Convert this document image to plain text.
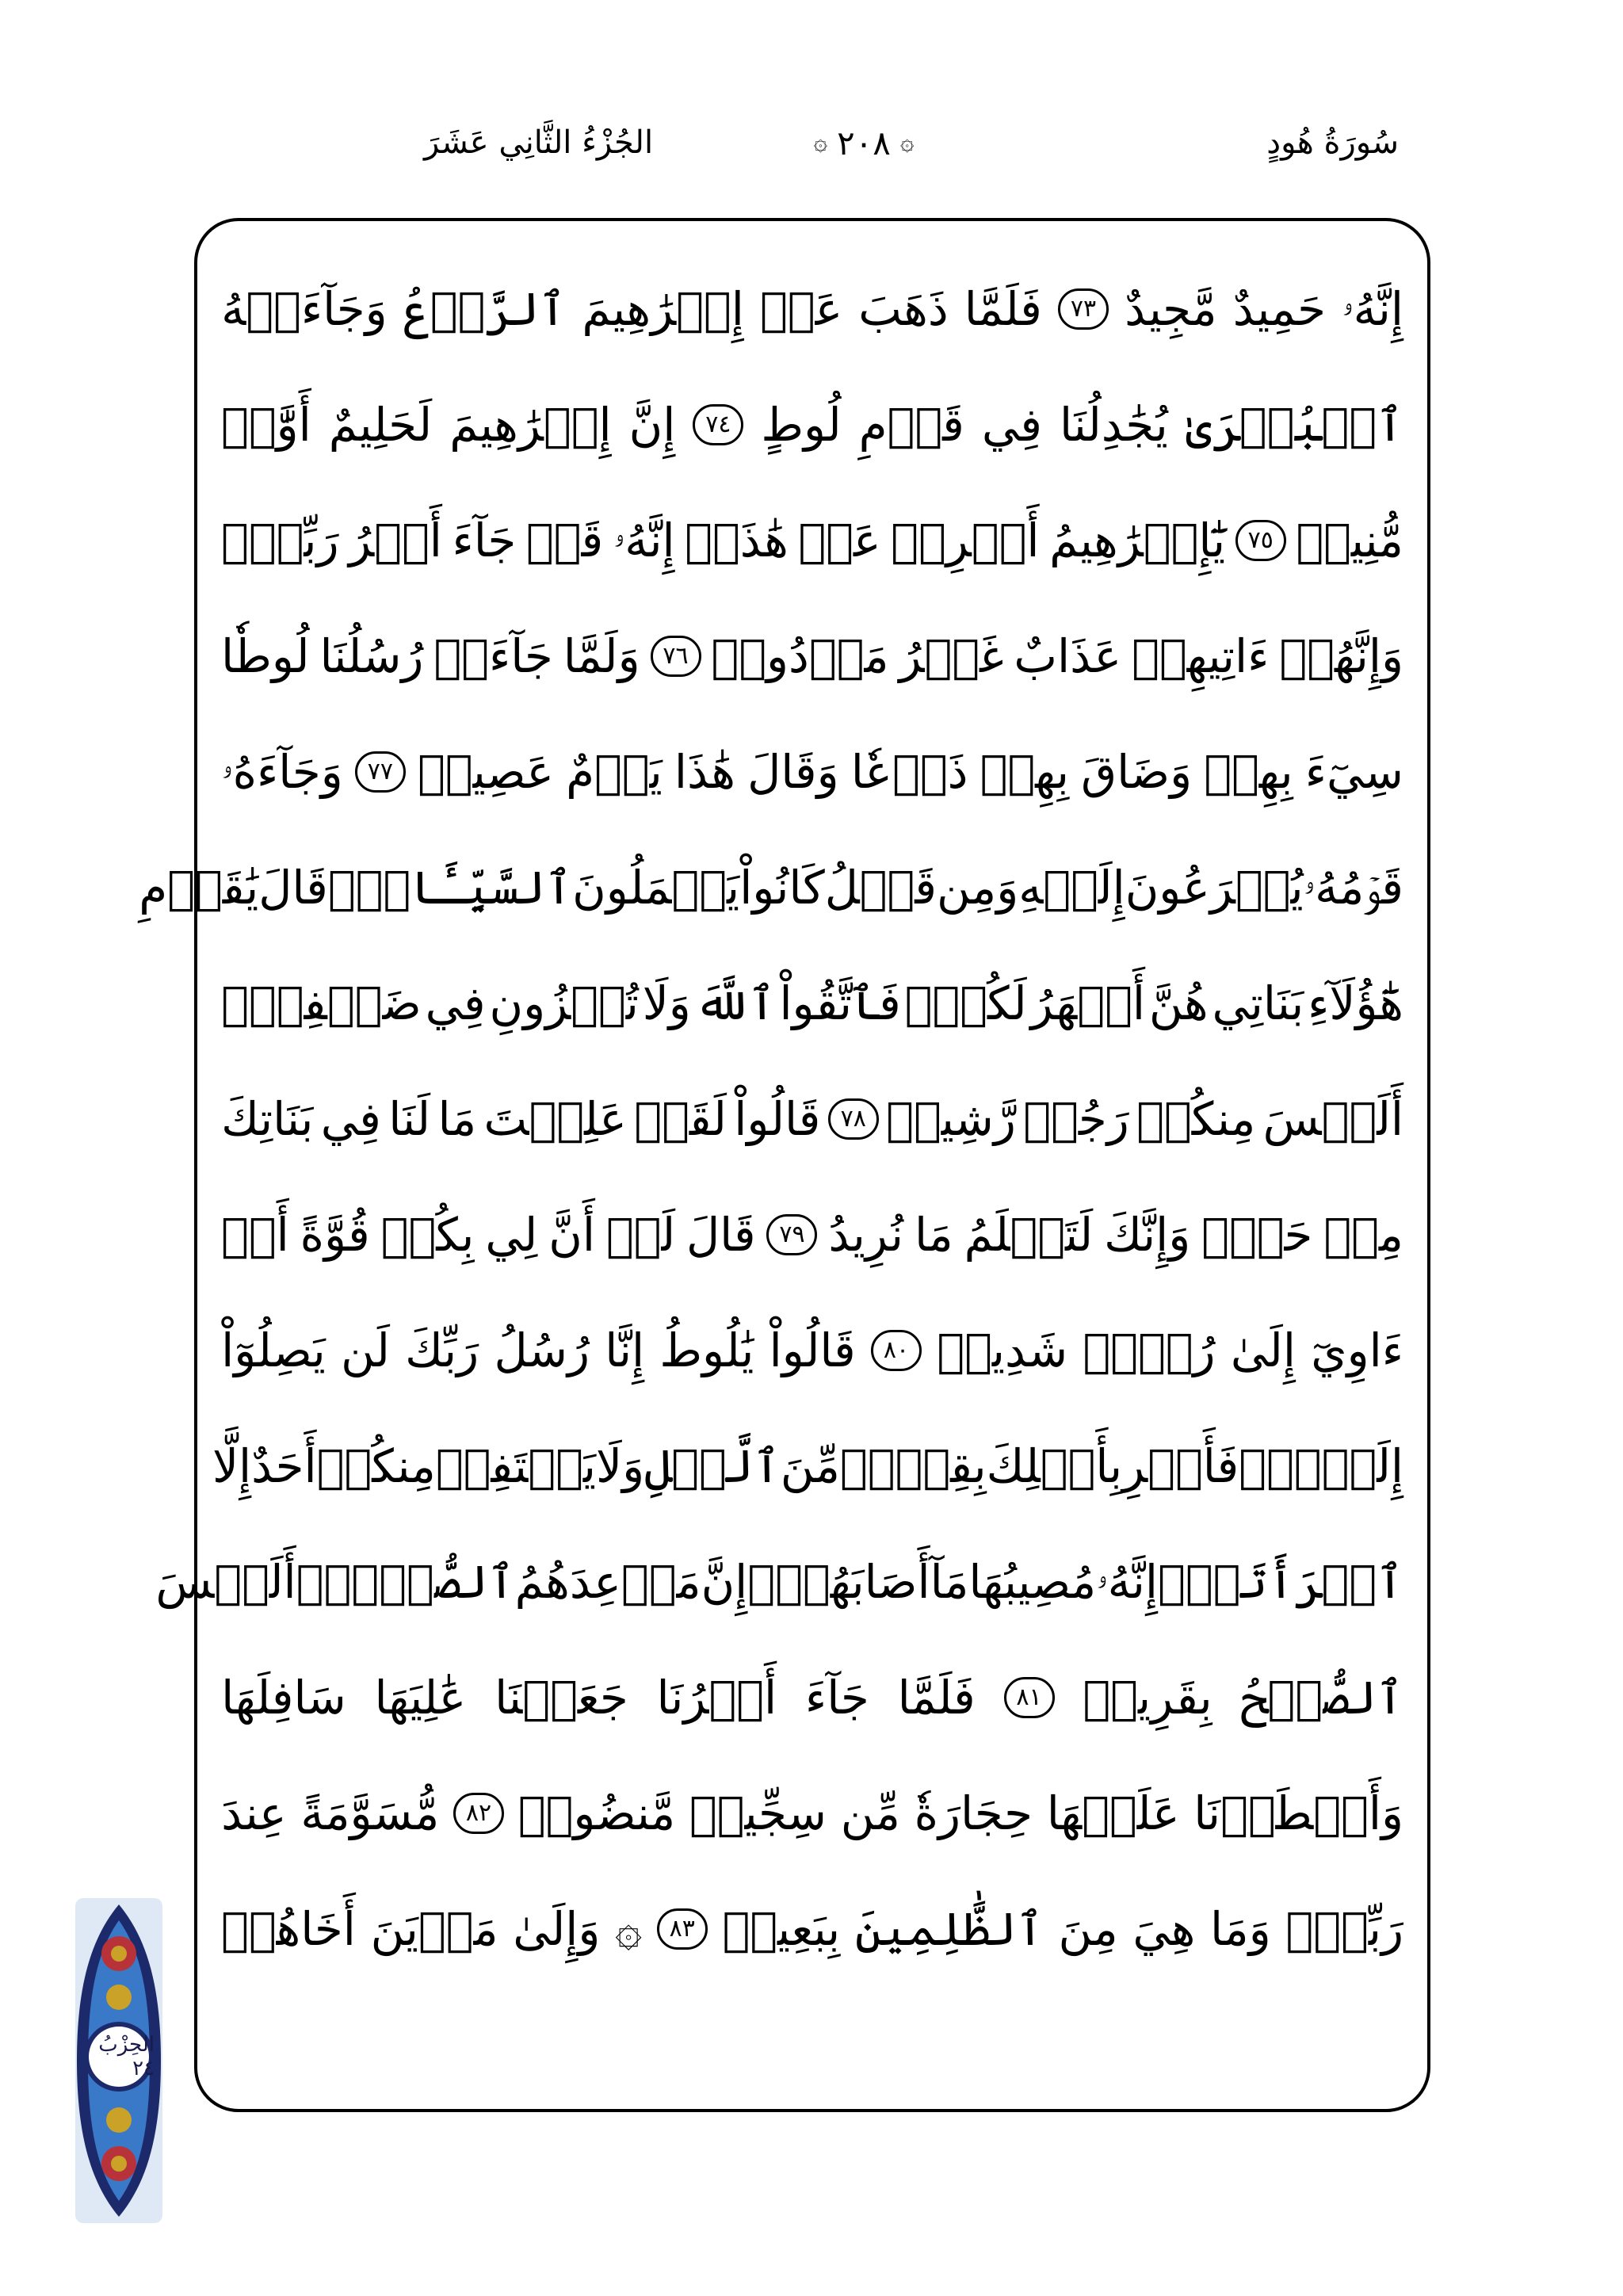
سُورَةُ هُودٍ
۞ ٢٠٨ ۞
الجُزْءُ الثَّانِي عَشَرَ
إِنَّهُۥ
حَمِيدٌ
مَّجِيدٌ
٧٣
فَلَمَّا
ذَهَبَ
عَنۡ
إِبۡرَٰهِيمَ
ٱلرَّوۡعُ
وَجَآءَتۡهُ
ٱلۡبُشۡرَىٰ
يُجَٰدِلُنَا
فِي
قَوۡمِ
لُوطٍ
٧٤
إِنَّ
إِبۡرَٰهِيمَ
لَحَلِيمٌ
أَوَّٰهٞ
مُّنِيبٞ
٧٥
يَٰٓإِبۡرَٰهِيمُ
أَعۡرِضۡ
عَنۡ
هَٰذَآۖ
إِنَّهُۥ
قَدۡ
جَآءَ
أَمۡرُ
رَبِّكَۖ
وَإِنَّهُمۡ
ءَاتِيهِمۡ
عَذَابٌ
غَيۡرُ
مَرۡدُودٖ
٧٦
وَلَمَّا
جَآءَتۡ
رُسُلُنَا
لُوطٗا
سِيٓءَ
بِهِمۡ
وَضَاقَ
بِهِمۡ
ذَرۡعٗا
وَقَالَ
هَٰذَا
يَوۡمٌ
عَصِيبٞ
٧٧
وَجَآءَهُۥ
قَوۡمُهُۥ
يُهۡرَعُونَ
إِلَيۡهِ
وَمِن
قَبۡلُ
كَانُواْ
يَعۡمَلُونَ
ٱلسَّيِّـَٔاتِۚ
قَالَ
يَٰقَوۡمِ
هَٰٓؤُلَآءِ
بَنَاتِي
هُنَّ
أَطۡهَرُ
لَكُمۡۖ
فَٱتَّقُواْ
ٱللَّهَ
وَلَا
تُخۡزُونِ
فِي
ضَيۡفِيٓۖ
أَلَيۡسَ
مِنكُمۡ
رَجُلٞ
رَّشِيدٞ
٧٨
قَالُواْ
لَقَدۡ
عَلِمۡتَ
مَا
لَنَا
فِي
بَنَاتِكَ
مِنۡ
حَقّٖ
وَإِنَّكَ
لَتَعۡلَمُ
مَا
نُرِيدُ
٧٩
قَالَ
لَوۡ
أَنَّ
لِي
بِكُمۡ
قُوَّةً
أَوۡ
ءَاوِيٓ
إِلَىٰ
رُكۡنٖ
شَدِيدٖ
٨٠
قَالُواْ
يَٰلُوطُ
إِنَّا
رُسُلُ
رَبِّكَ
لَن
يَصِلُوٓاْ
إِلَيۡكَۖ
فَأَسۡرِ
بِأَهۡلِكَ
بِقِطۡعٖ
مِّنَ
ٱلَّيۡلِ
وَلَا
يَلۡتَفِتۡ
مِنكُمۡ
أَحَدٌ
إِلَّا
ٱمۡرَأَتَكَۖ
إِنَّهُۥ
مُصِيبُهَا
مَآ
أَصَابَهُمۡۚ
إِنَّ
مَوۡعِدَهُمُ
ٱلصُّبۡحُۚ
أَلَيۡسَ
ٱلصُّبۡحُ
بِقَرِيبٖ
٨١
فَلَمَّا
جَآءَ
أَمۡرُنَا
جَعَلۡنَا
عَٰلِيَهَا
سَافِلَهَا
وَأَمۡطَرۡنَا
عَلَيۡهَا
حِجَارَةٗ
مِّن
سِجِّيلٖ
مَّنضُودٖ
٨٢
مُّسَوَّمَةً
عِندَ
رَبِّكَۖ
وَمَا
هِيَ
مِنَ
ٱلظَّٰلِمِينَ
بِبَعِيدٖ
٨٣
۞
وَإِلَىٰ
مَدۡيَنَ
أَخَاهُمۡ
الحِزْبُ ٢٤
